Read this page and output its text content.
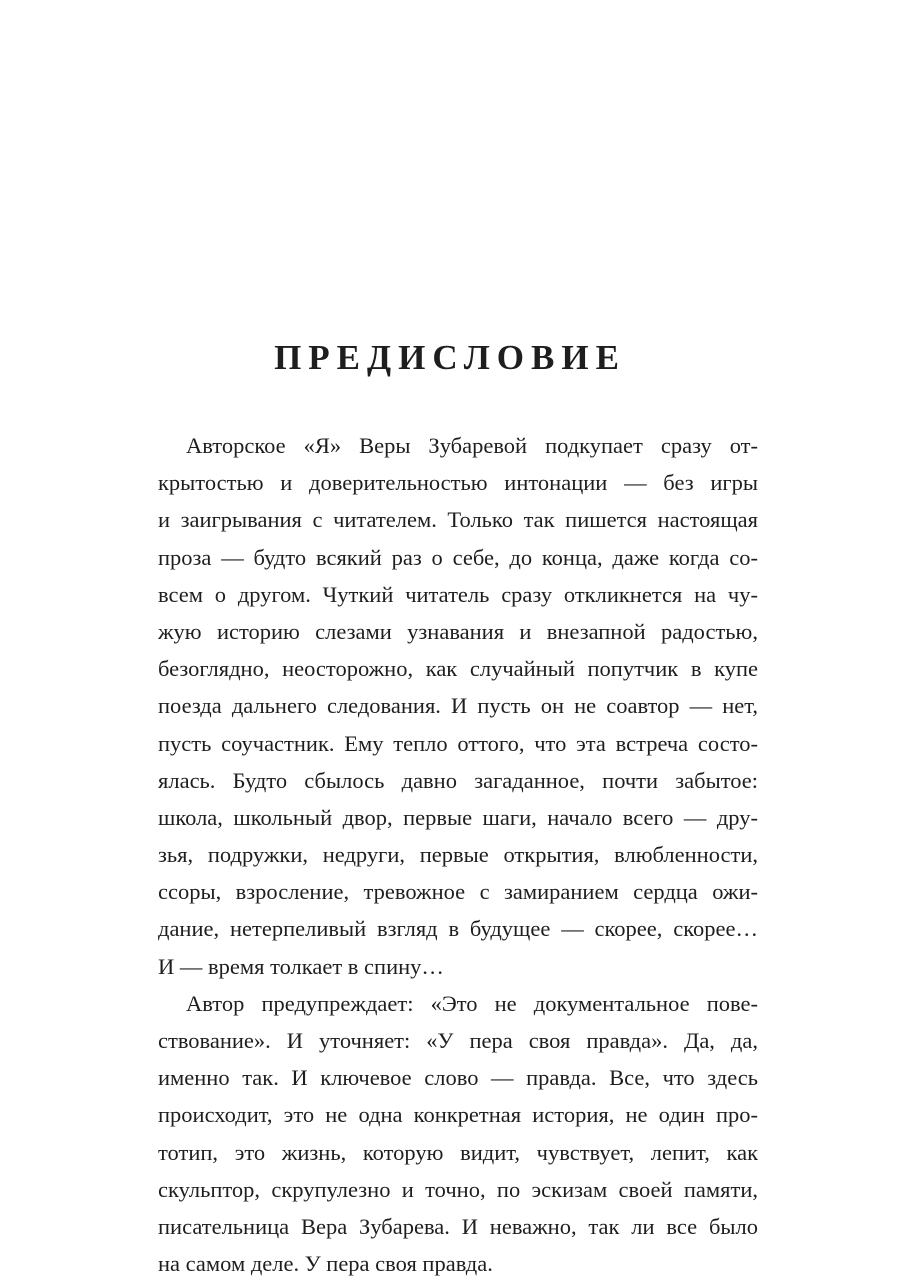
ПРЕДИСЛОВИЕ
Авторское «Я» Веры Зубаревой подкупает сразу от-
крытостью и доверительностью интонации — без игры
и заигрывания с читателем. Только так пишется настоящая
проза — будто всякий раз о себе, до конца, даже когда со-
всем о другом. Чуткий читатель сразу откликнется на чу-
жую историю слезами узнавания и внезапной радостью,
безоглядно, неосторожно, как случайный попутчик в купе
поезда дальнего следования. И пусть он не соавтор — нет,
пусть соучастник. Ему тепло оттого, что эта встреча состо-
ялась. Будто сбылось давно загаданное, почти забытое:
школа, школьный двор, первые шаги, начало всего — дру-
зья, подружки, недруги, первые открытия, влюбленности,
ссоры, взросление, тревожное с замиранием сердца ожи-
дание, нетерпеливый взгляд в будущее — скорее, скорее…
И — время толкает в спину…
Автор предупреждает: «Это не документальное пове-
ствование». И уточняет: «У пера своя правда». Да, да,
именно так. И ключевое слово — правда. Все, что здесь
происходит, это не одна конкретная история, не один про-
тотип, это жизнь, которую видит, чувствует, лепит, как
скульптор, скрупулезно и точно, по эскизам своей памяти,
писательница Вера Зубарева. И неважно, так ли все было
на самом деле. У пера своя правда.
